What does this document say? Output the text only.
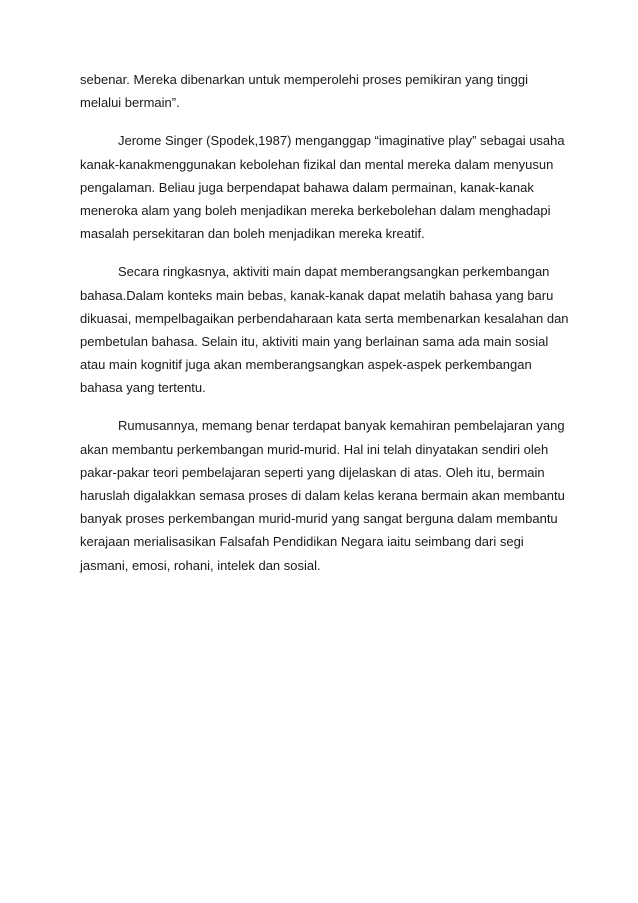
sebenar. Mereka dibenarkan untuk memperolehi proses pemikiran yang tinggi
melalui bermain”.
Jerome Singer (Spodek,1987) menganggap “imaginative play” sebagai usaha
kanak-kanakmenggunakan kebolehan fizikal dan mental mereka dalam menyusun
pengalaman. Beliau juga berpendapat bahawa dalam permainan, kanak-kanak
meneroka alam yang boleh menjadikan mereka berkebolehan dalam menghadapi
masalah persekitaran dan boleh menjadikan mereka kreatif.
Secara ringkasnya, aktiviti main dapat memberangsangkan perkembangan
bahasa.Dalam konteks main bebas, kanak-kanak dapat melatih bahasa yang baru
dikuasai, mempelbagaikan perbendaharaan kata serta membenarkan kesalahan dan
pembetulan bahasa. Selain itu, aktiviti main yang berlainan sama ada main sosial
atau main kognitif juga akan memberangsangkan aspek-aspek perkembangan
bahasa yang tertentu.
Rumusannya, memang benar terdapat banyak kemahiran pembelajaran yang
akan membantu perkembangan murid-murid. Hal ini telah dinyatakan sendiri oleh
pakar-pakar teori pembelajaran seperti yang dijelaskan di atas. Oleh itu, bermain
haruslah digalakkan semasa proses di dalam kelas kerana bermain akan membantu
banyak proses perkembangan murid-murid yang sangat berguna dalam membantu
kerajaan merialisasikan Falsafah Pendidikan Negara iaitu seimbang dari segi
jasmani, emosi, rohani, intelek dan sosial.
